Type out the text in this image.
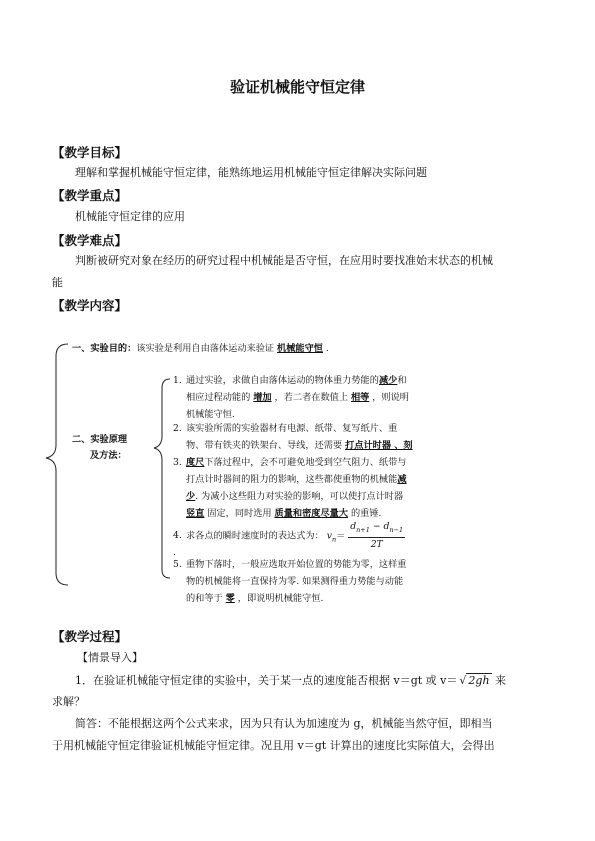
验证机械能守恒定律
【教学目标】
理解和掌握机械能守恒定律，能熟练地运用机械能守恒定律解决实际问题
【教学重点】
机械能守恒定律的应用
【教学难点】
判断被研究对象在经历的研究过程中机械能是否守恒，在应用时要找准始末状态的机械
能
【教学内容】
一、实验目的：该实验是利用自由落体运动来验证 机械能守恒 .
二、实验原理
及方法：
1. 通过实验，求做自由落体运动的物体重力势能的减少和
相应过程动能的 增加 ，若二者在数值上 相等 ，则说明
机械能守恒.
2. 该实验所需的实验器材有电源、纸带、复写纸片、重
物、带有铁夹的铁架台、导线，还需要 打点计时器 、刻
3. 度尺下落过程中，会不可避免地受到空气阻力、纸带与
打点计时器间的阻力的影响，这些都使重物的机械能减
少. 为减小这些阻力对实验的影响，可以使打点计时器
竖直 固定，同时选用 质量和密度尽量大 的重锤.
4. 求各点的瞬时速度时的表达式为： $v_n= \frac{d_{n+1} - d_{n-1}}{2T}$
.
5. 重物下落时，一般应选取开始位置的势能为零，这样重
物的机械能将一直保持为零. 如果测得重力势能与动能
的和等于 零 ，即说明机械能守恒.
【教学过程】
【情景导入】
1．在验证机械能守恒定律的实验中，关于某一点的速度能否根据 v＝gt 或 v＝ √ 2gh 来
求解？
简答：不能根据这两个公式来求，因为只有认为加速度为 g，机械能当然守恒，即相当
于用机械能守恒定律验证机械能守恒定律。况且用 v＝gt 计算出的速度比实际值大，会得出
